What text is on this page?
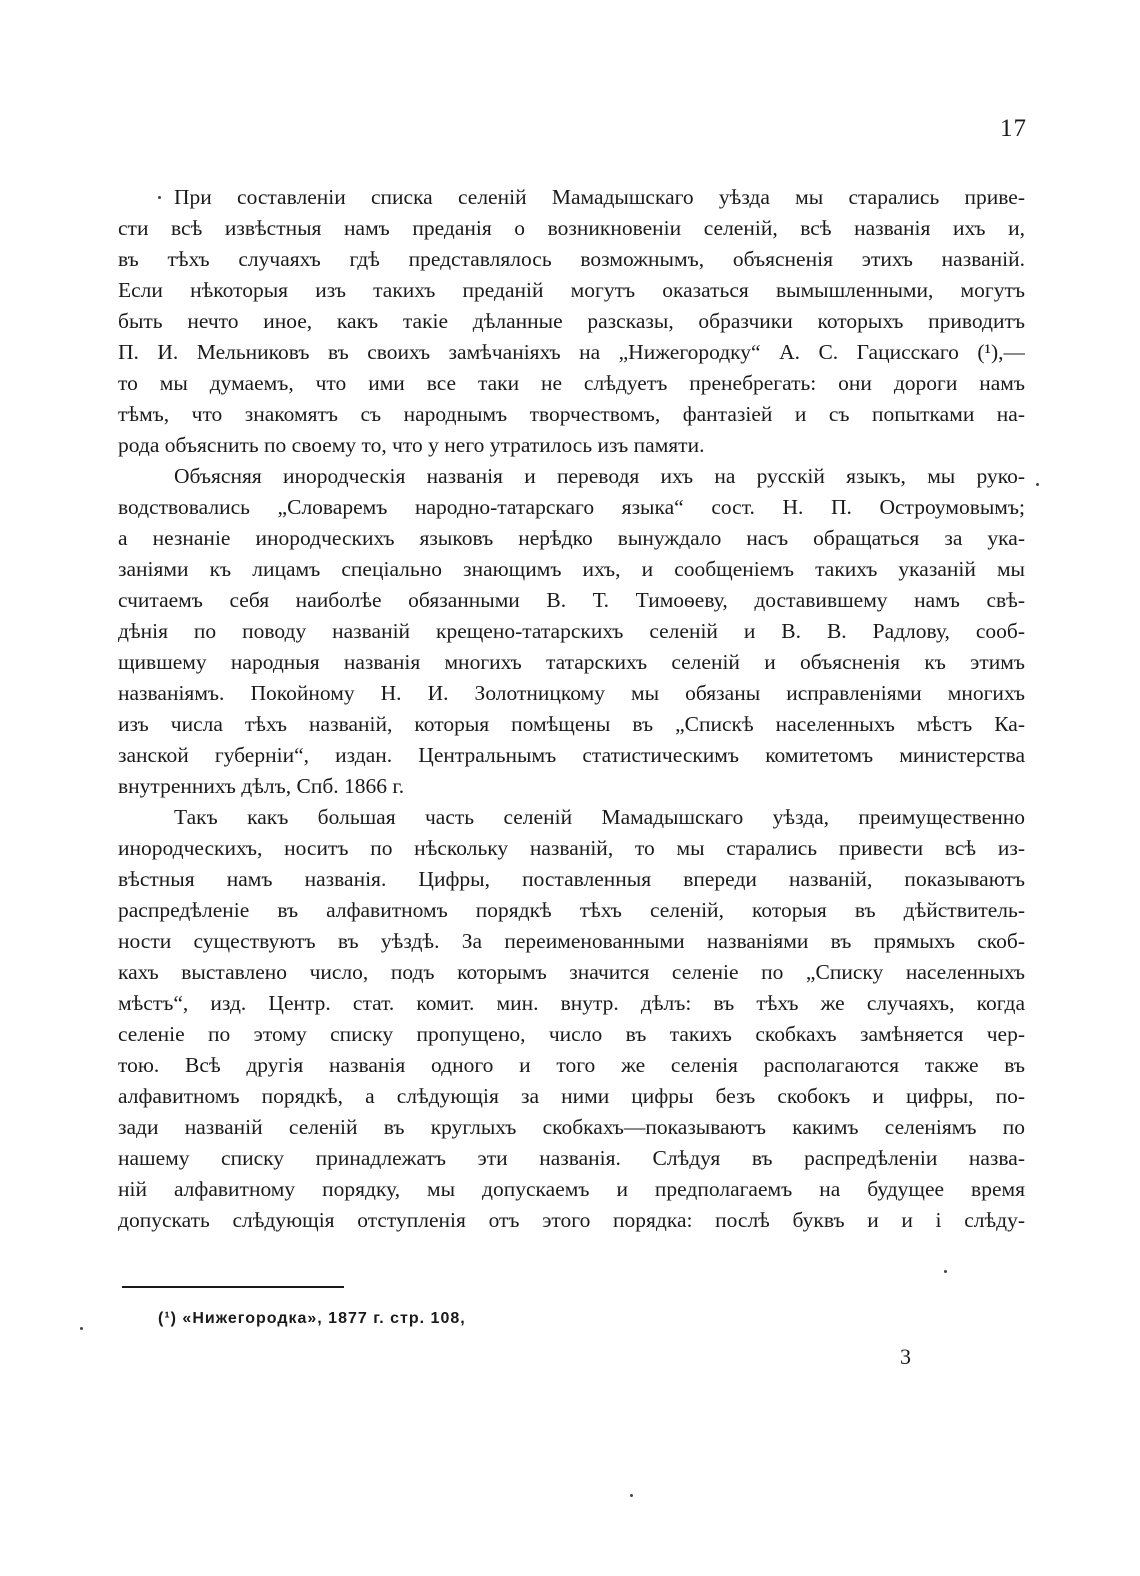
17
При составленіи списка селеній Мамадышскаго уѣзда мы старались приве-
сти всѣ извѣстныя намъ преданія о возникновеніи селеній, всѣ названія ихъ и,
въ тѣхъ случаяхъ гдѣ представлялось возможнымъ, объясненія этихъ названій.
Если нѣкоторыя изъ такихъ преданій могутъ оказаться вымышленными, могутъ
быть нечто иное, какъ такіе дѣланные разсказы, образчики которыхъ приводитъ
П. И. Мельниковъ въ своихъ замѣчаніяхъ на „Нижегородку“ А. С. Гацисскаго (¹),—
то мы думаемъ, что ими все таки не слѣдуетъ пренебрегать: они дороги намъ
тѣмъ, что знакомятъ съ народнымъ творчествомъ, фантазіей и съ попытками на-
рода объяснить по своему то, что у него утратилось изъ памяти.
Объясняя инородческія названія и переводя ихъ на русскій языкъ, мы руко-
водствовались „Словаремъ народно-татарскаго языка“ сост. Н. П. Остроумовымъ;
а незнаніе инородческихъ языковъ нерѣдко вынуждало насъ обращаться за ука-
заніями къ лицамъ спеціально знающимъ ихъ, и сообщеніемъ такихъ указаній мы
считаемъ себя наиболѣе обязанными В. Т. Тимоѳеву, доставившему намъ свѣ-
дѣнія по поводу названій крещено-татарскихъ селеній и В. В. Радлову, сооб-
щившему народныя названія многихъ татарскихъ селеній и объясненія къ этимъ
названіямъ. Покойному Н. И. Золотницкому мы обязаны исправленіями многихъ
изъ числа тѣхъ названій, которыя помѣщены въ „Спискѣ населенныхъ мѣстъ Ка-
занской губерніи“, издан. Центральнымъ статистическимъ комитетомъ министерства
внутреннихъ дѣлъ, Спб. 1866 г.
Такъ какъ большая часть селеній Мамадышскаго уѣзда, преимущественно
инородческихъ, носитъ по нѣскольку названій, то мы старались привести всѣ из-
вѣстныя намъ названія. Цифры, поставленныя впереди названій, показываютъ
распредѣленіе въ алфавитномъ порядкѣ тѣхъ селеній, которыя въ дѣйствитель-
ности существуютъ въ уѣздѣ. За переименованными названіями въ прямыхъ скоб-
кахъ выставлено число, подъ которымъ значится селеніе по „Списку населенныхъ
мѣстъ“, изд. Центр. стат. комит. мин. внутр. дѣлъ: въ тѣхъ же случаяхъ, когда
селеніе по этому списку пропущено, число въ такихъ скобкахъ замѣняется чер-
тою. Всѣ другія названія одного и того же селенія располагаются также въ
алфавитномъ порядкѣ, а слѣдующія за ними цифры безъ скобокъ и цифры, по-
зади названій селеній въ круглыхъ скобкахъ—показываютъ какимъ селеніямъ по
нашему списку принадлежатъ эти названія. Слѣдуя въ распредѣленіи назва-
ній алфавитному порядку, мы допускаемъ и предполагаемъ на будущее время
допускать слѣдующія отступленія отъ этого порядка: послѣ буквъ и и і слѣду-
(¹) «Нижегородка», 1877 г. стр. 108,
3
